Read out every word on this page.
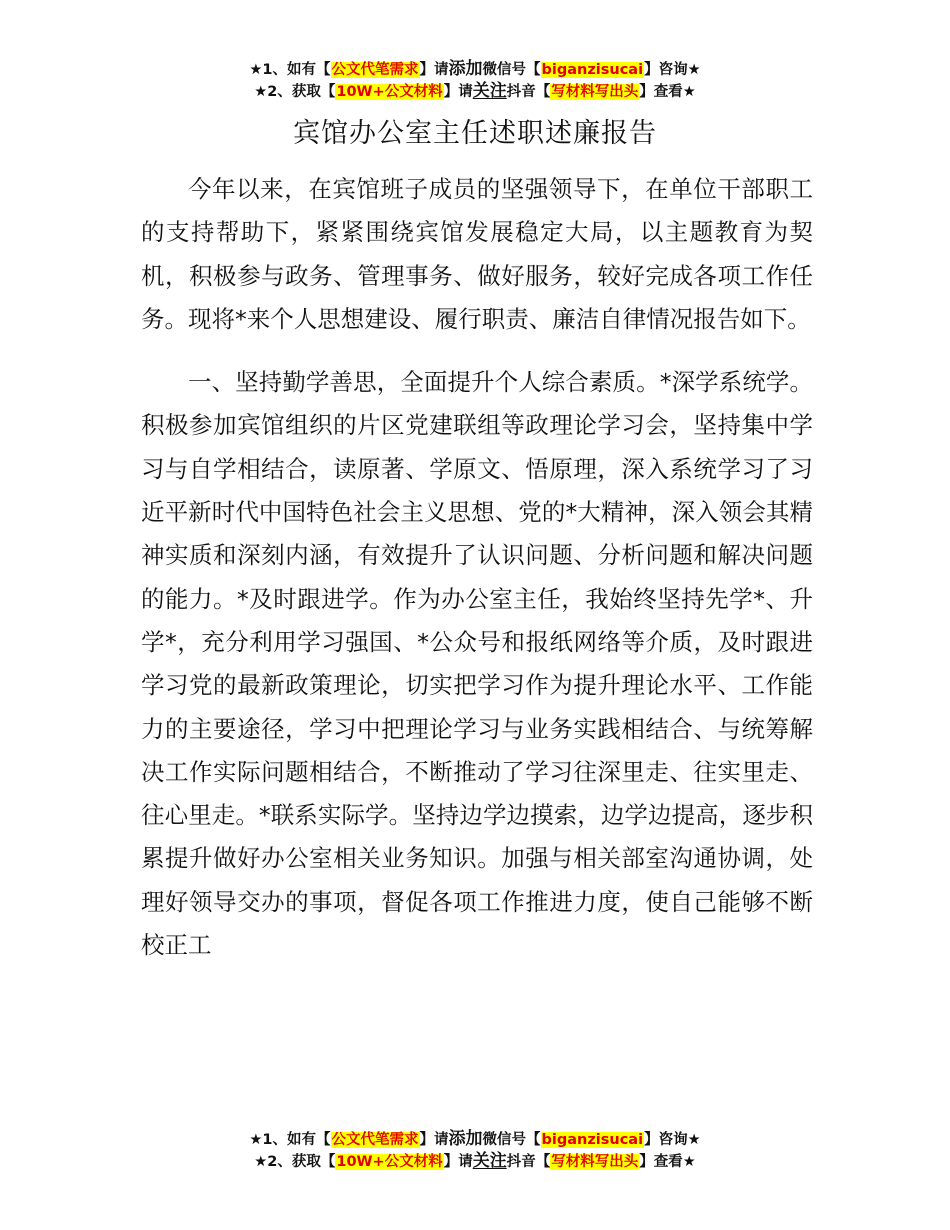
★1、如有【公文代笔需求】请添加微信号【biganzisucai】咨询★
★2、获取【10W+公文材料】请关注抖音【写材料写出头】查看★
宾馆办公室主任述职述廉报告

今年以来，在宾馆班子成员的坚强领导下，在单位干部职工的支持帮助下，紧紧围绕宾馆发展稳定大局，以主题教育为契机，积极参与政务、管理事务、做好服务，较好完成各项工作任务。现将*来个人思想建设、履行职责、廉洁自律情况报告如下。

一、坚持勤学善思，全面提升个人综合素质。*深学系统学。积极参加宾馆组织的片区党建联组等政理论学习会，坚持集中学习与自学相结合，读原著、学原文、悟原理，深入系统学习了习近平新时代中国特色社会主义思想、党的*大精神，深入领会其精神实质和深刻内涵，有效提升了认识问题、分析问题和解决问题的能力。*及时跟进学。作为办公室主任，我始终坚持先学*、升学*，充分利用学习强国、*公众号和报纸网络等介质，及时跟进学习党的最新政策理论，切实把学习作为提升理论水平、工作能力的主要途径，学习中把理论学习与业务实践相结合、与统筹解决工作实际问题相结合，不断推动了学习往深里走、往实里走、往心里走。*联系实际学。坚持边学边摸索，边学边提高，逐步积累提升做好办公室相关业务知识。加强与相关部室沟通协调，处理好领导交办的事项，督促各项工作推进力度，使自己能够不断校正工

★1、如有【公文代笔需求】请添加微信号【biganzisucai】咨询★
★2、获取【10W+公文材料】请关注抖音【写材料写出头】查看★
